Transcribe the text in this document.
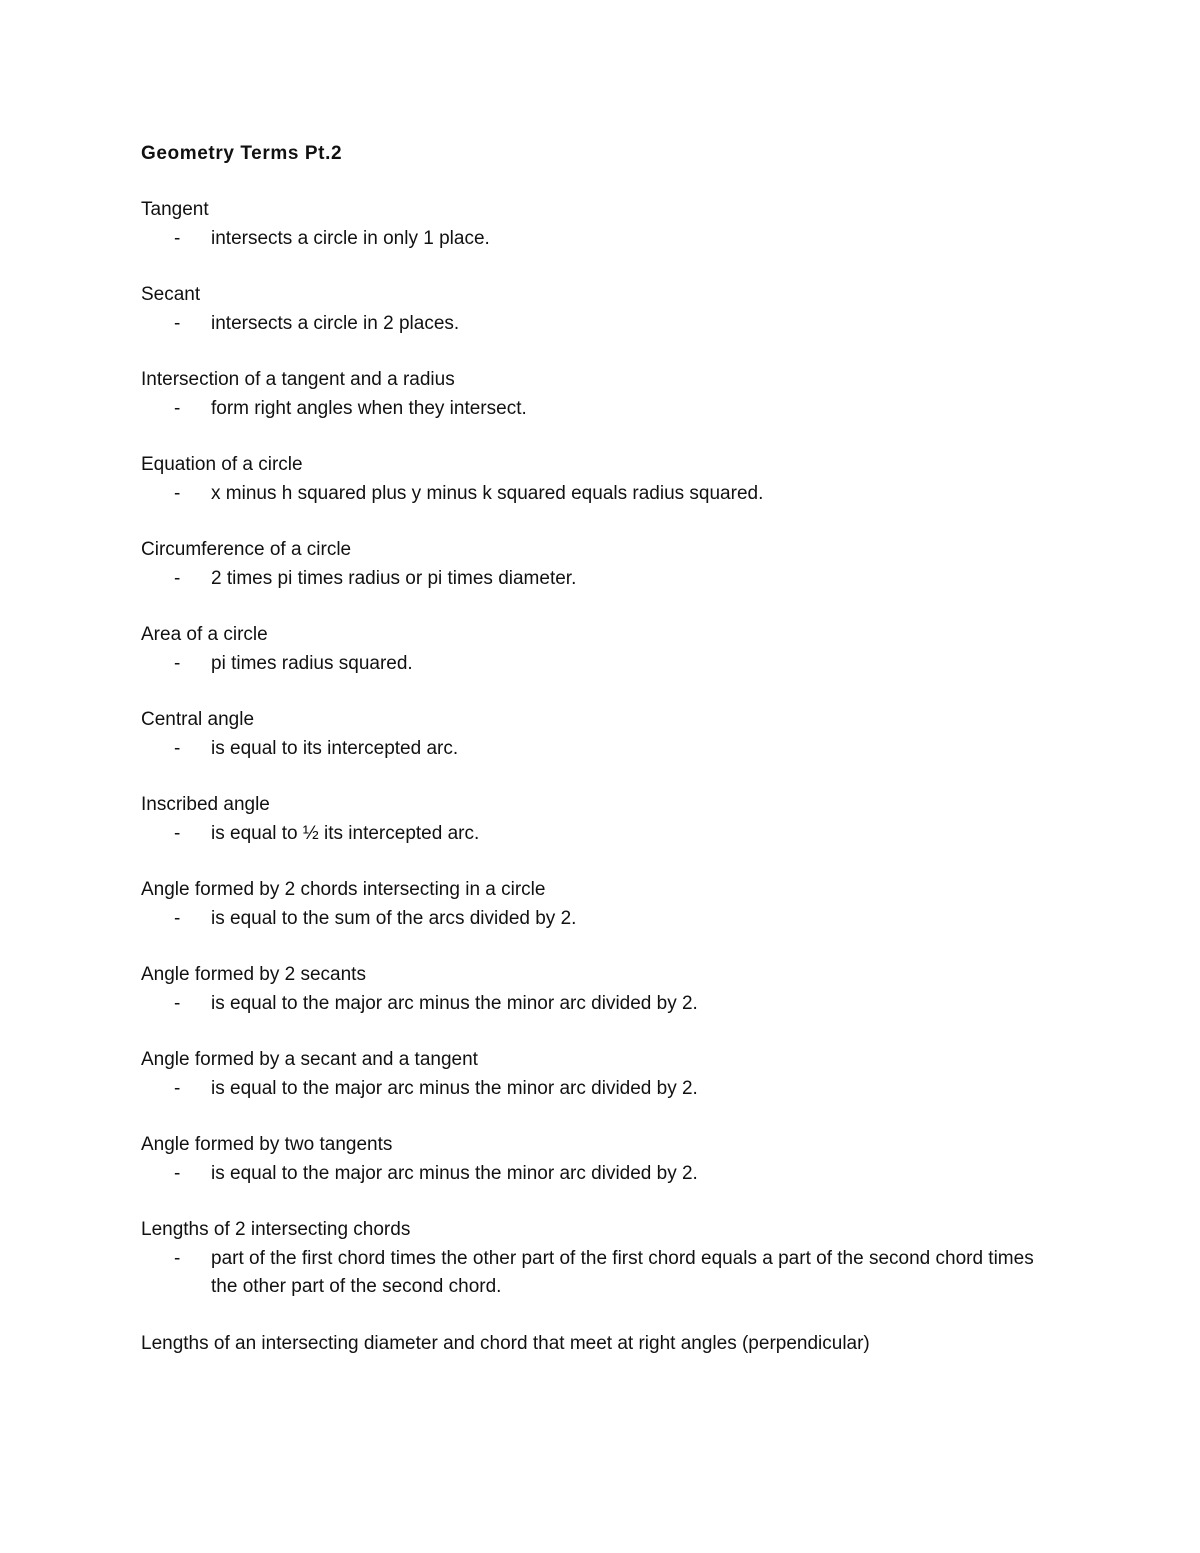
Geometry Terms Pt.2
Tangent
- intersects a circle in only 1 place.
Secant
- intersects a circle in 2 places.
Intersection of a tangent and a radius
- form right angles when they intersect.
Equation of a circle
- x minus h squared plus y minus k squared equals radius squared.
Circumference of a circle
- 2 times pi times radius or pi times diameter.
Area of a circle
- pi times radius squared.
Central angle
- is equal to its intercepted arc.
Inscribed angle
- is equal to ½ its intercepted arc.
Angle formed by 2 chords intersecting in a circle
- is equal to the sum of the arcs divided by 2.
Angle formed by 2 secants
- is equal to the major arc minus the minor arc divided by 2.
Angle formed by a secant and a tangent
- is equal to the major arc minus the minor arc divided by 2.
Angle formed by two tangents
- is equal to the major arc minus the minor arc divided by 2.
Lengths of 2 intersecting chords
- part of the first chord times the other part of the first chord equals a part of the second chord times the other part of the second chord.
Lengths of an intersecting diameter and chord that meet at right angles (perpendicular)
